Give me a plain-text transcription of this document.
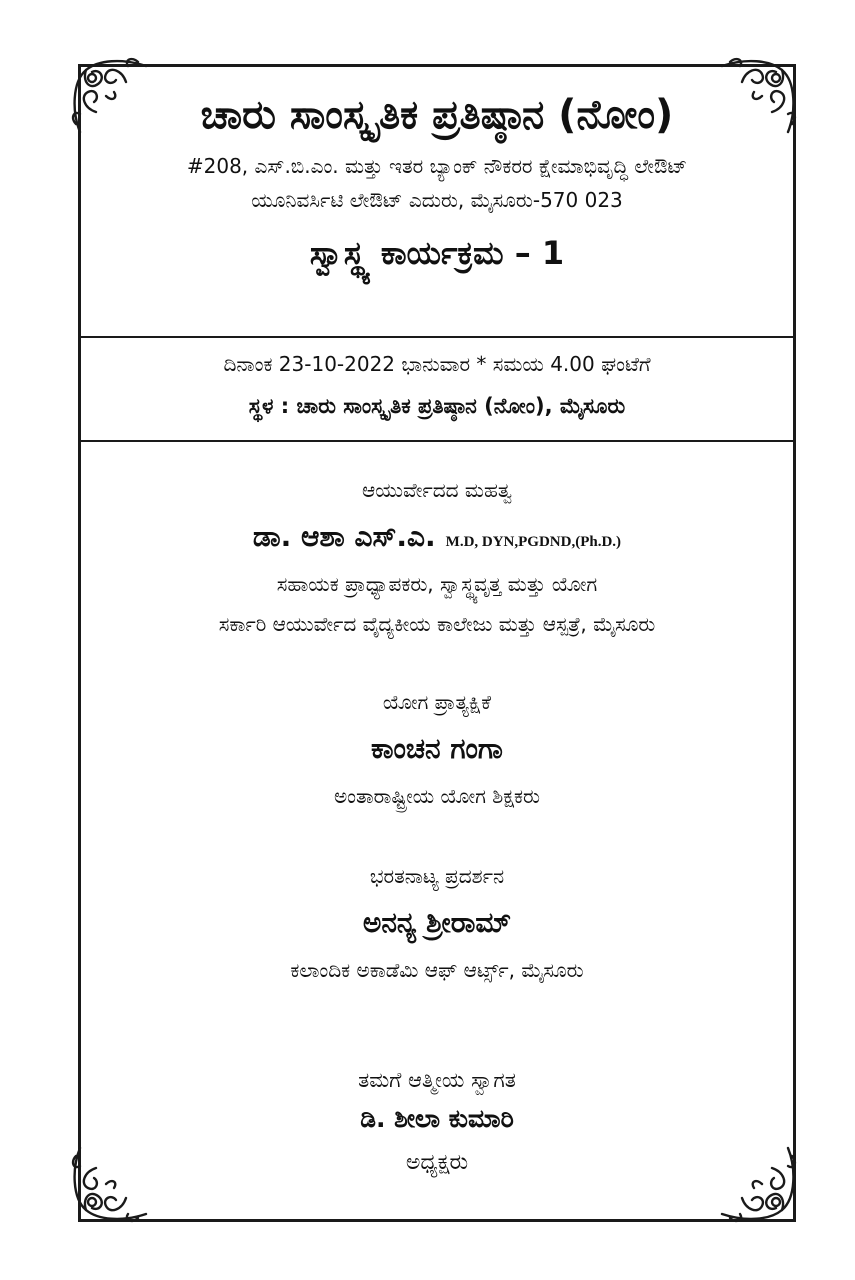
ಚಾರು ಸಾಂಸ್ಕೃತಿಕ ಪ್ರತಿಷ್ಠಾನ (ನೋಂ)
#208, ಎಸ್.ಬಿ.ಎಂ. ಮತ್ತು ಇತರ ಬ್ಯಾಂಕ್ ನೌಕರರ ಕ್ಷೇಮಾಭಿವೃದ್ಧಿ ಲೇಔಟ್
ಯೂನಿವರ್ಸಿಟಿ ಲೇಔಟ್ ಎದುರು, ಮೈಸೂರು-570 023
ಸ್ವಾಸ್ಥ್ಯ ಕಾರ್ಯಕ್ರಮ – 1
ದಿನಾಂಕ 23-10-2022 ಭಾನುವಾರ * ಸಮಯ 4.00 ಘಂಟೆಗೆ
ಸ್ಥಳ : ಚಾರು ಸಾಂಸ್ಕೃತಿಕ ಪ್ರತಿಷ್ಠಾನ (ನೋಂ), ಮೈಸೂರು
ಆಯುರ್ವೇದದ ಮಹತ್ವ
ಡಾ. ಆಶಾ ಎಸ್.ಎ. M.D, DYN,PGDND,(Ph.D.)
ಸಹಾಯಕ ಪ್ರಾಧ್ಯಾಪಕರು, ಸ್ವಾಸ್ಥ್ಯವೃತ್ತ ಮತ್ತು ಯೋಗ
ಸರ್ಕಾರಿ ಆಯುರ್ವೇದ ವೈದ್ಯಕೀಯ ಕಾಲೇಜು ಮತ್ತು ಆಸ್ಪತ್ರೆ, ಮೈಸೂರು
ಯೋಗ ಪ್ರಾತ್ಯಕ್ಷಿಕೆ
ಕಾಂಚನ ಗಂಗಾ
ಅಂತಾರಾಷ್ಟ್ರೀಯ ಯೋಗ ಶಿಕ್ಷಕರು
ಭರತನಾಟ್ಯ ಪ್ರದರ್ಶನ
ಅನನ್ಯ ಶ್ರೀರಾಮ್
ಕಲಾಂದಿಕ ಅಕಾಡೆಮಿ ಆಫ್ ಆರ್ಟ್ಸ್, ಮೈಸೂರು
ತಮಗೆ ಆತ್ಮೀಯ ಸ್ವಾಗತ
ಡಿ. ಶೀಲಾ ಕುಮಾರಿ
ಅಧ್ಯಕ್ಷರು
